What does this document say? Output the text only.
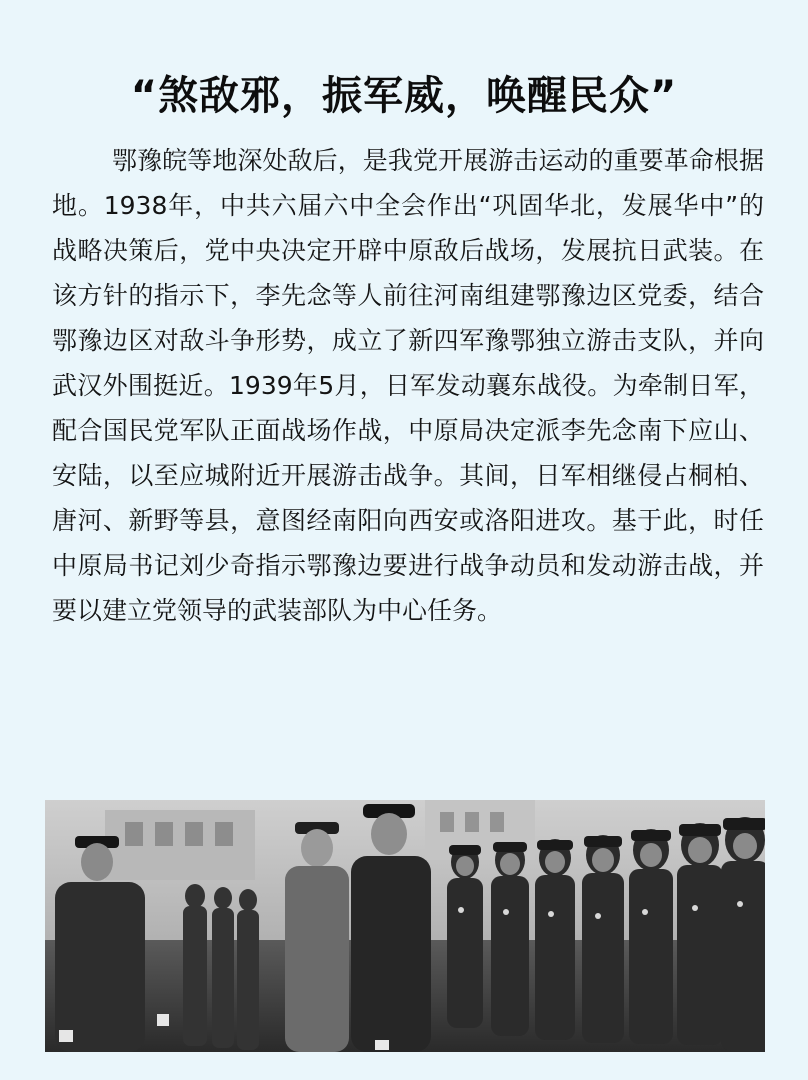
“煞敌邪，振军威，唤醒民众”

鄂豫皖等地深处敌后，是我党开展游击运动的重要革命根据地。1938年，中共六届六中全会作出“巩固华北，发展华中”的战略决策后，党中央决定开辟中原敌后战场，发展抗日武装。在该方针的指示下，李先念等人前往河南组建鄂豫边区党委，结合鄂豫边区对敌斗争形势，成立了新四军豫鄂独立游击支队，并向武汉外围挺近。1939年5月，日军发动襄东战役。为牵制日军，配合国民党军队正面战场作战，中原局决定派李先念南下应山、安陆，以至应城附近开展游击战争。其间，日军相继侵占桐柏、唐河、新野等县，意图经南阳向西安或洛阳进攻。基于此，时任中原局书记刘少奇指示鄂豫边要进行战争动员和发动游击战，并要以建立党领导的武装部队为中心任务。
